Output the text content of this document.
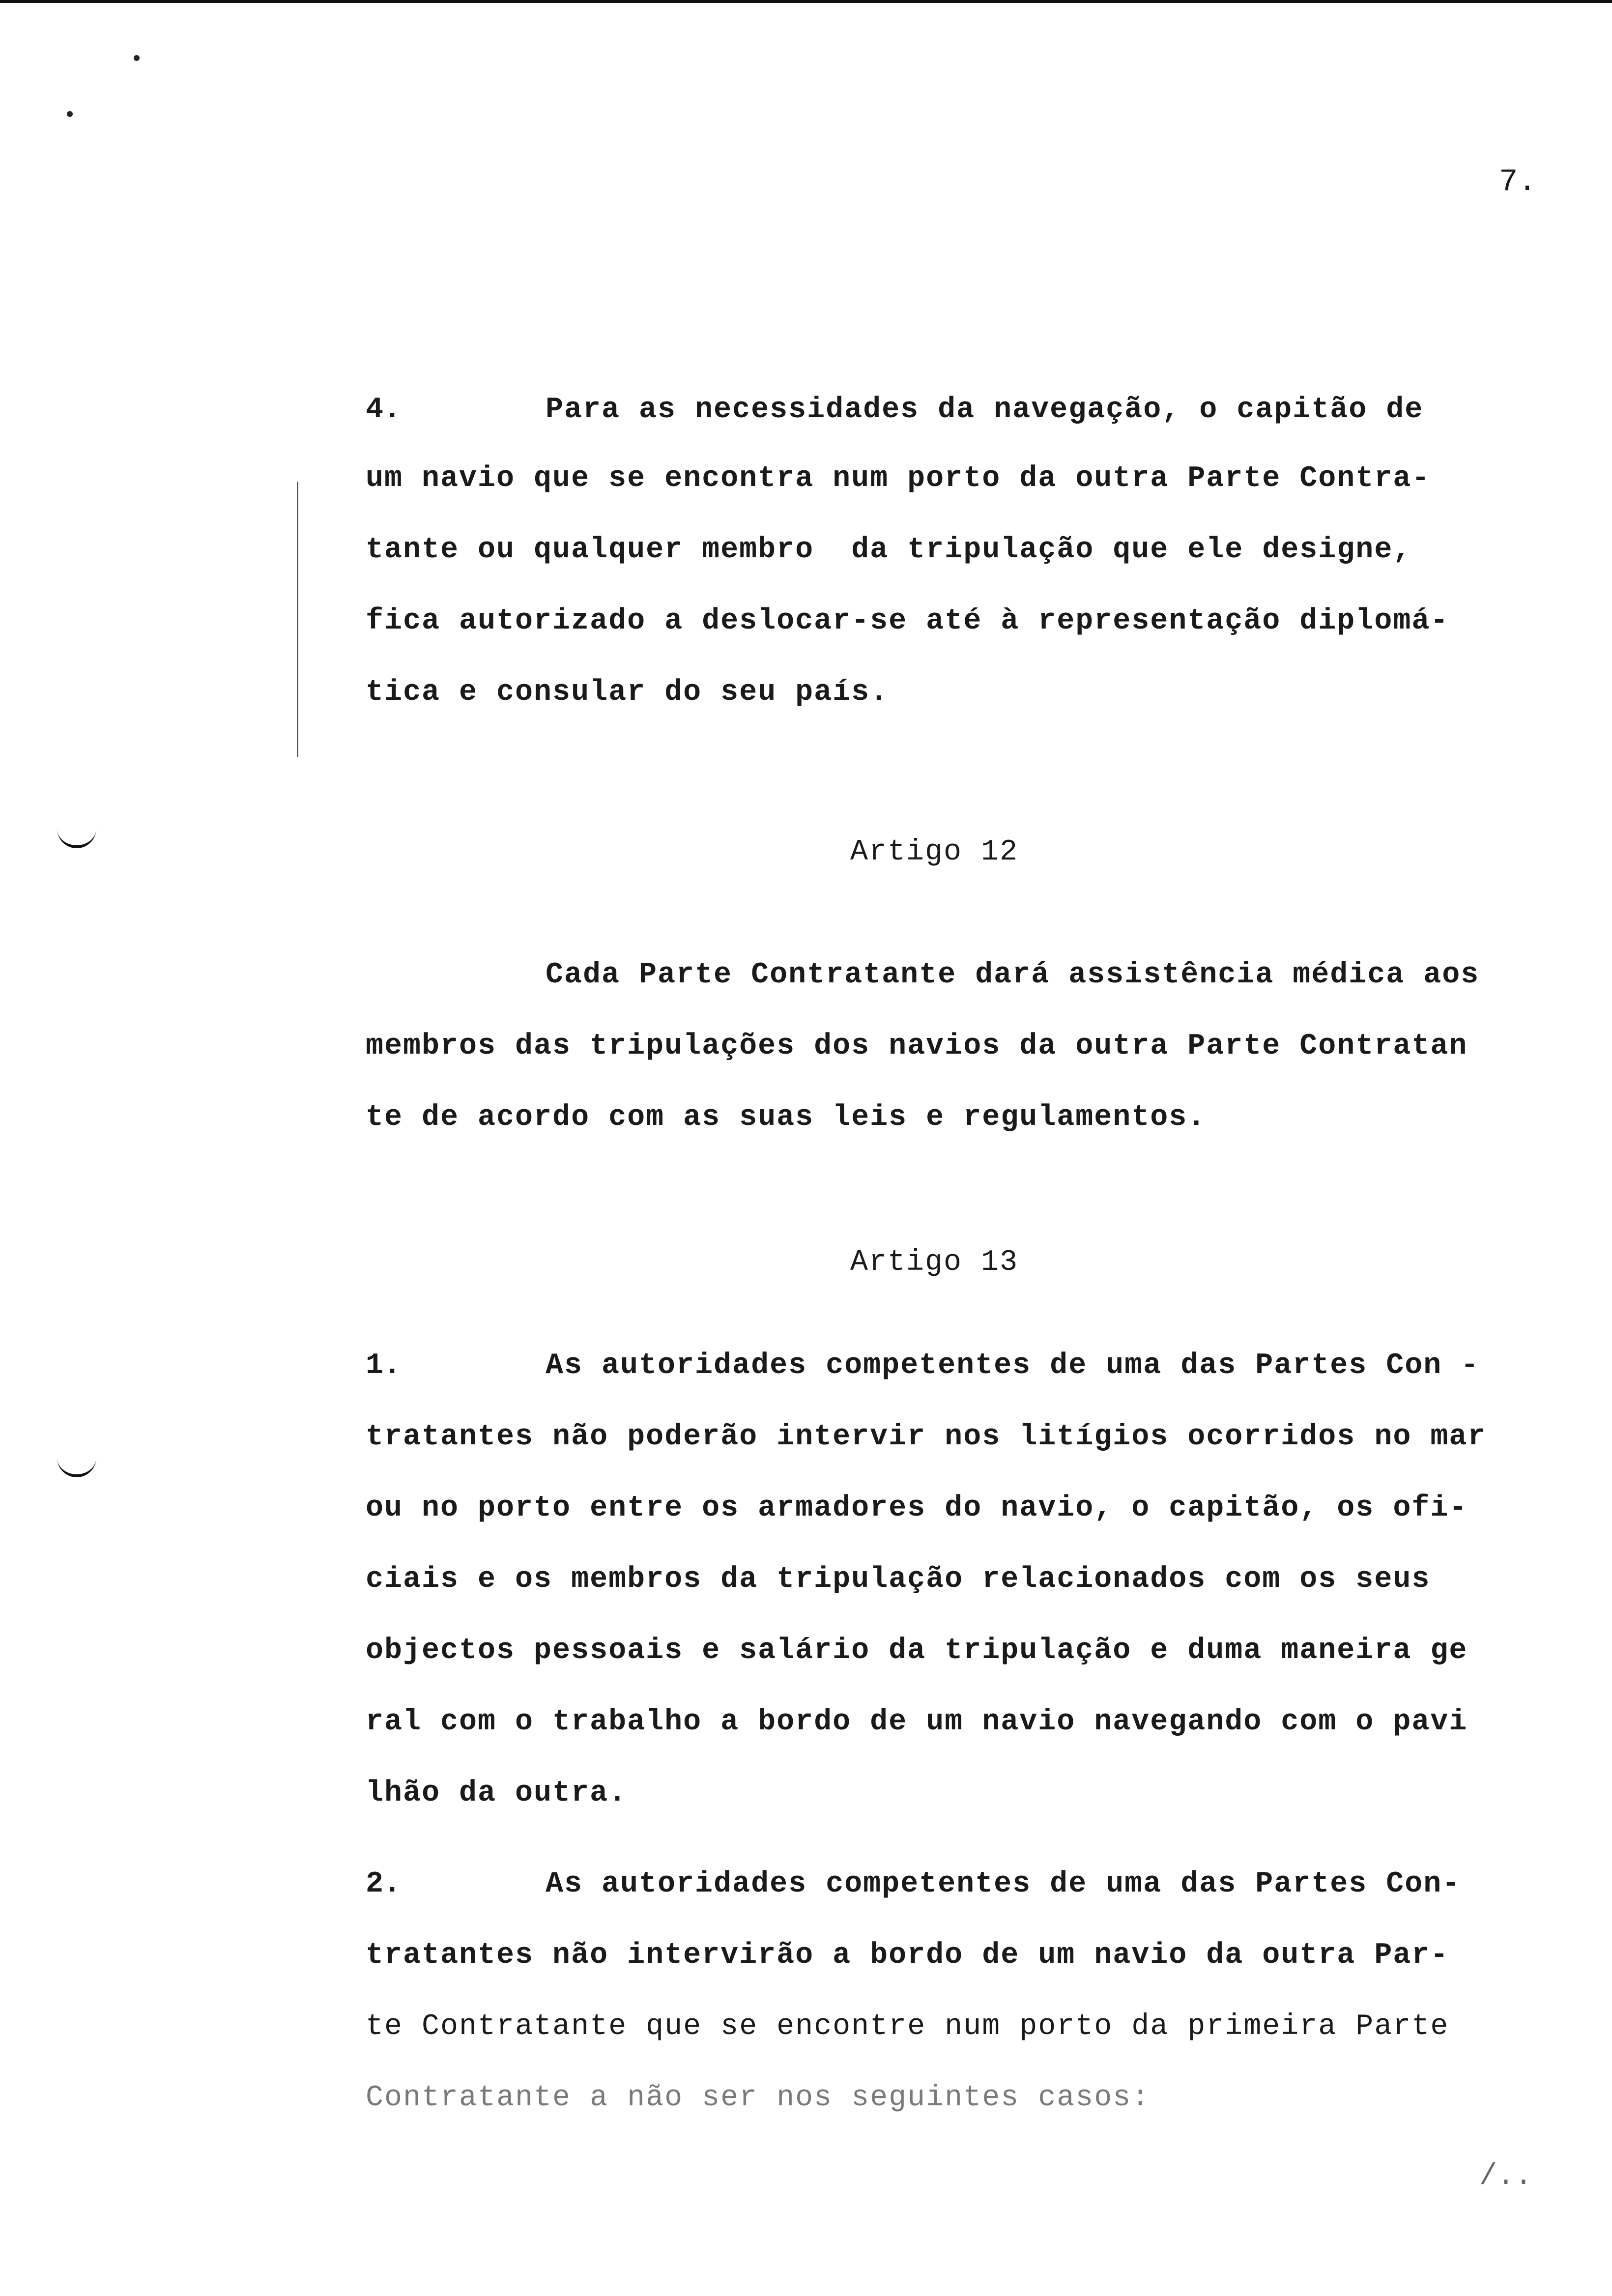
7.
4.	Para as necessidades da navegação, o capitão de
um navio que se encontra num porto da outra Parte Contra-
tante ou qualquer membro  da tripulação que ele designe,
fica autorizado a deslocar-se até à representação diplomá-
tica e consular do seu país.
Artigo 12
Cada Parte Contratante dará assistência médica aos
membros das tripulações dos navios da outra Parte Contratan
te de acordo com as suas leis e regulamentos.
Artigo 13
1.	As autoridades competentes de uma das Partes Con -
tratantes não poderão intervir nos litígios ocorridos no mar
ou no porto entre os armadores do navio, o capitão, os ofi-
ciais e os membros da tripulação relacionados com os seus
objectos pessoais e salário da tripulação e duma maneira ge
ral com o trabalho a bordo de um navio navegando com o pavi
lhão da outra.
2.	As autoridades competentes de uma das Partes Con-
tratantes não intervirão a bordo de um navio da outra Par-
te Contratante que se encontre num porto da primeira Parte
Contratante a não ser nos seguintes casos:
/..
